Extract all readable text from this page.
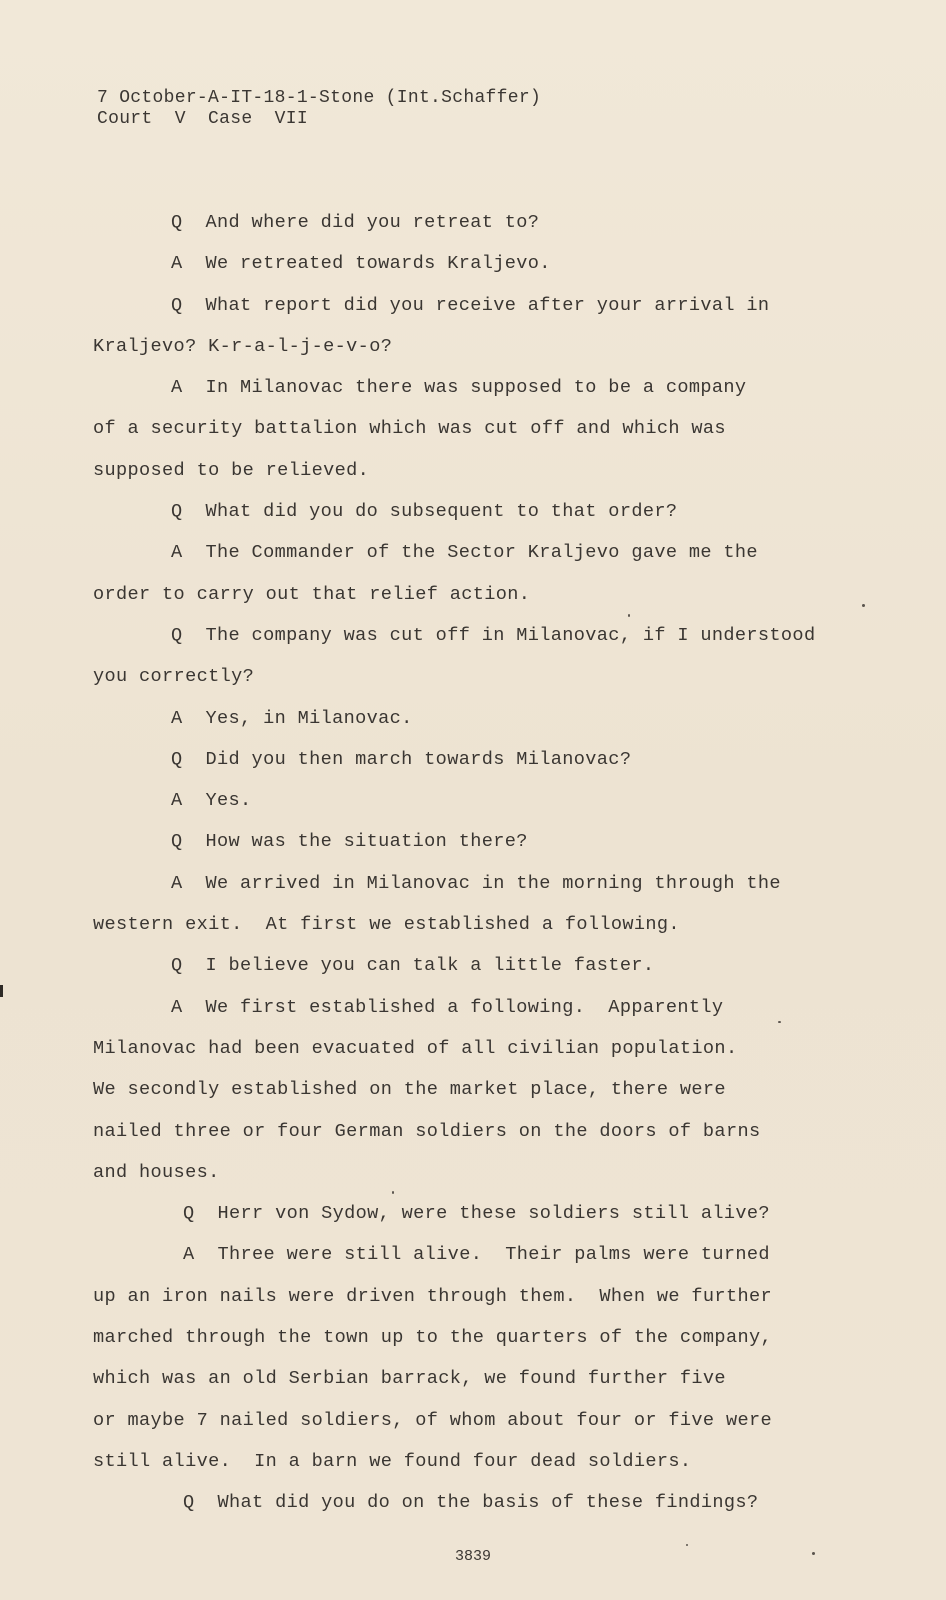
7 October-A-IT-18-1-Stone (Int.Schaffer)
Court  V  Case  VII
Q  And where did you retreat to?
A  We retreated towards Kraljevo.
Q  What report did you receive after your arrival in
Kraljevo? K-r-a-l-j-e-v-o?
A  In Milanovac there was supposed to be a company
of a security battalion which was cut off and which was
supposed to be relieved.
Q  What did you do subsequent to that order?
A  The Commander of the Sector Kraljevo gave me the
order to carry out that relief action.
Q  The company was cut off in Milanovac, if I understood
you correctly?
A  Yes, in Milanovac.
Q  Did you then march towards Milanovac?
A  Yes.
Q  How was the situation there?
A  We arrived in Milanovac in the morning through the
western exit.  At first we established a following.
Q  I believe you can talk a little faster.
A  We first established a following.  Apparently
Milanovac had been evacuated of all civilian population.
We secondly established on the market place, there were
nailed three or four German soldiers on the doors of barns
and houses.
Q  Herr von Sydow, were these soldiers still alive?
A  Three were still alive.  Their palms were turned
up an iron nails were driven through them.  When we further
marched through the town up to the quarters of the company,
which was an old Serbian barrack, we found further five
or maybe 7 nailed soldiers, of whom about four or five were
still alive.  In a barn we found four dead soldiers.
Q  What did you do on the basis of these findings?
3839
